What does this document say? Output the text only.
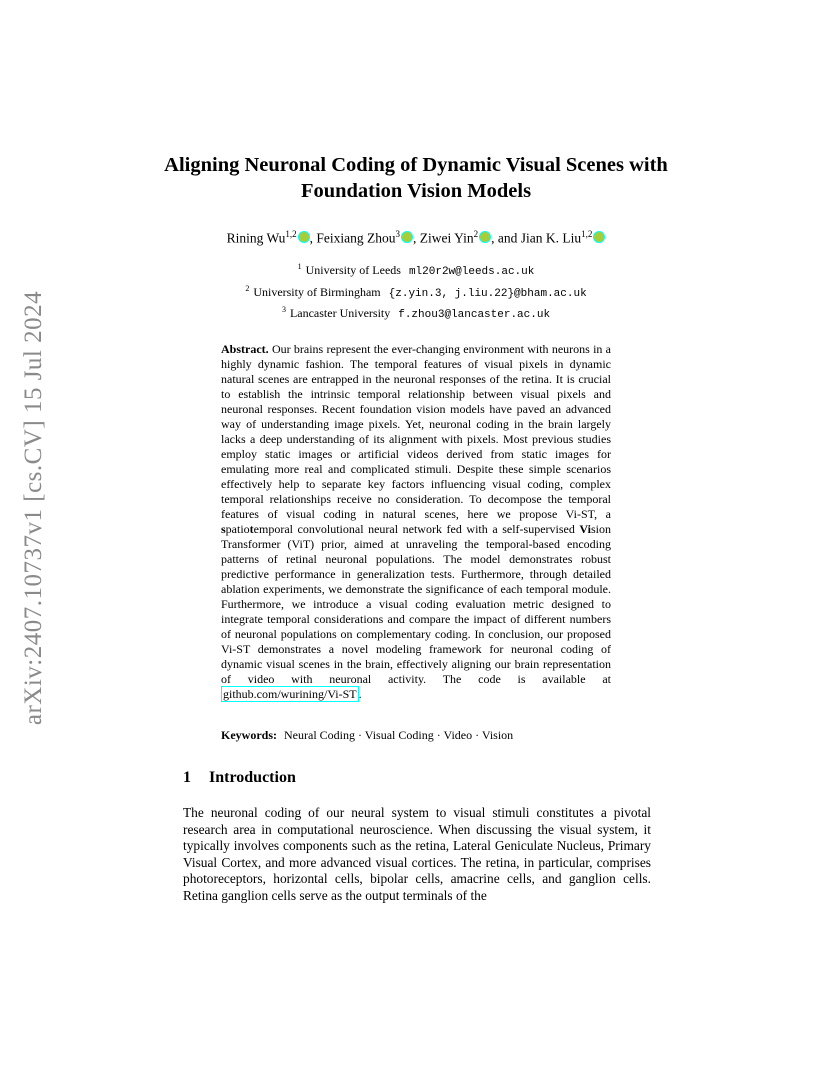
arXiv:2407.10737v1 [cs.CV] 15 Jul 2024
Aligning Neuronal Coding of Dynamic Visual Scenes with Foundation Vision Models
Rining Wu$^{1,2}$ , Feixiang Zhou$^3$ , Ziwei Yin$^2$ , and Jian K. Liu$^{1,2}$
$^1$ University of Leeds ml20r2w@leeds.ac.uk
$^2$ University of Birmingham {z.yin.3, j.liu.22}@bham.ac.uk
$^3$ Lancaster University f.zhou3@lancaster.ac.uk
Abstract. Our brains represent the ever-changing environment with neurons in a highly dynamic fashion. The temporal features of visual pixels in dynamic natural scenes are entrapped in the neuronal responses of the retina. It is crucial to establish the intrinsic temporal relationship between visual pixels and neuronal responses. Recent foundation vision models have paved an advanced way of understanding image pixels. Yet, neuronal coding in the brain largely lacks a deep understanding of its alignment with pixels. Most previous studies employ static images or artificial videos derived from static images for emulating more real and complicated stimuli. Despite these simple scenarios effectively help to separate key factors influencing visual coding, complex temporal relationships receive no consideration. To decompose the temporal features of visual coding in natural scenes, here we propose Vi-ST, a spatiotemporal convolutional neural network fed with a self-supervised Vision Transformer (ViT) prior, aimed at unraveling the temporal-based encoding patterns of retinal neuronal populations. The model demonstrates robust predictive performance in generalization tests. Furthermore, through detailed ablation experiments, we demonstrate the significance of each temporal module. Furthermore, we introduce a visual coding evaluation metric designed to integrate temporal considerations and compare the impact of different numbers of neuronal populations on complementary coding. In conclusion, our proposed Vi-ST demonstrates a novel modeling framework for neuronal coding of dynamic visual scenes in the brain, effectively aligning our brain representation of video with neuronal activity. The code is available at github.com/wurining/Vi-ST .
Keywords: Neural Coding · Visual Coding · Video · Vision
1 Introduction
The neuronal coding of our neural system to visual stimuli constitutes a pivotal research area in computational neuroscience. When discussing the visual system, it typically involves components such as the retina, Lateral Geniculate Nucleus, Primary Visual Cortex, and more advanced visual cortices. The retina, in particular, comprises photoreceptors, horizontal cells, bipolar cells, amacrine cells, and ganglion cells. Retina ganglion cells serve as the output terminals of the
